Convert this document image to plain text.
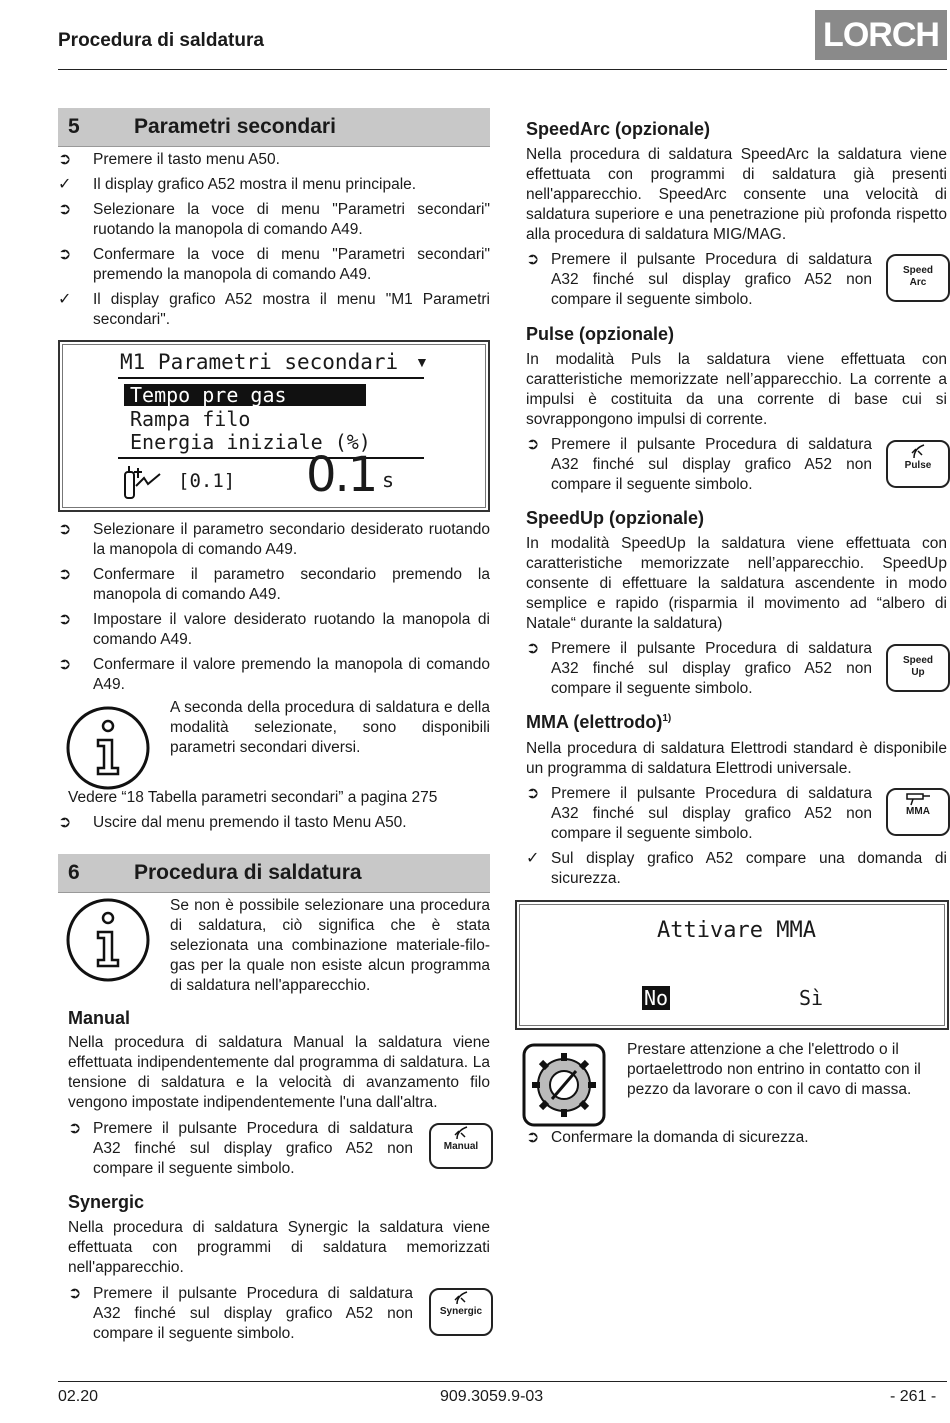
Procedura di saldatura	LORCH
5	Parametri secondari
➲	Premere il tasto menu A50.
✓	Il display grafico A52 mostra il menu principale.
➲	Selezionare la voce di menu "Parametri secondari" ruotando la manopola di comando A49.
➲	Confermare la voce di menu "Parametri secondari" premendo la manopola di comando A49.
✓	Il display grafico A52 mostra il menu "M1 Parametri secondari".
M1 Parametri secondari ▼
Tempo pre gas
Rampa filo
Energia iniziale (%)
[0.1] 0.1 s
➲	Selezionare il parametro secondario desiderato ruotando la manopola di comando A49.
➲	Confermare il parametro secondario premendo la manopola di comando A49.
➲	Impostare il valore desiderato ruotando la manopola di comando A49.
➲	Confermare il valore premendo la manopola di comando A49.
A seconda della procedura di saldatura e della modalità selezionate, sono disponibili parametri secondari diversi.
Vedere “18 Tabella parametri secondari” a pagina 275
➲	Uscire dal menu premendo il tasto Menu A50.
6	Procedura di saldatura
Se non è possibile selezionare una procedura di saldatura, ciò significa che è stata selezionata una combinazione materiale-filo-gas per la quale non esiste alcun programma di saldatura nell'apparecchio.
Manual
Nella procedura di saldatura Manual la saldatura viene effettuata indipendentemente dal programma di saldatura. La tensione di saldatura e la velocità di avanzamento filo vengono impostate indipendentemente l'una dall'altra.
➲ Premere il pulsante Procedura di saldatura A32 finché sul display grafico A52 non compare il seguente simbolo.
Manual
Synergic
Nella procedura di saldatura Synergic la saldatura viene effettuata con programmi di saldatura memorizzati nell'apparecchio.
➲ Premere il pulsante Procedura di saldatura A32 finché sul display grafico A52 non compare il seguente simbolo.
Synergic
SpeedArc (opzionale)
Nella procedura di saldatura SpeedArc la saldatura viene effettuata con programmi di saldatura già presenti nell'apparecchio. SpeedArc consente una velocità di saldatura superiore e una penetrazione più profonda rispetto alla procedura di saldatura MIG/MAG.
➲ Premere il pulsante Procedura di saldatura A32 finché sul display grafico A52 non compare il seguente simbolo.
Speed
Arc
Pulse (opzionale)
In modalità Puls la saldatura viene effettuata con caratteristiche memorizzate nell’apparecchio. La corrente a impulsi è costituita da una corrente di base cui si sovrappongono impulsi di corrente.
➲ Premere il pulsante Procedura di saldatura A32 finché sul display grafico A52 non compare il seguente simbolo.
Pulse
SpeedUp (opzionale)
In modalità SpeedUp la saldatura viene effettuata con caratteristiche memorizzate nell’apparecchio. SpeedUp consente di effettuare la saldatura ascendente in modo semplice e rapido (risparmia il movimento ad “albero di Natale“ durante la saldatura)
➲ Premere il pulsante Procedura di saldatura A32 finché sul display grafico A52 non compare il seguente simbolo.
Speed
Up
MMA (elettrodo)$^{1)}$
Nella procedura di saldatura Elettrodi standard è disponibile un programma di saldatura Elettrodi universale.
➲ Premere il pulsante Procedura di saldatura A32 finché sul display grafico A52 non compare il seguente simbolo.
MMA
✓ Sul display grafico A52 compare una domanda di sicurezza.
Attivare MMA
No	Sì
Prestare attenzione a che l'elettrodo o il portaelettrodo non entrino in contatto con il pezzo da lavorare o con il cavo di massa.
➲ Confermare la domanda di sicurezza.
02.20	909.3059.9-03	- 261 -
